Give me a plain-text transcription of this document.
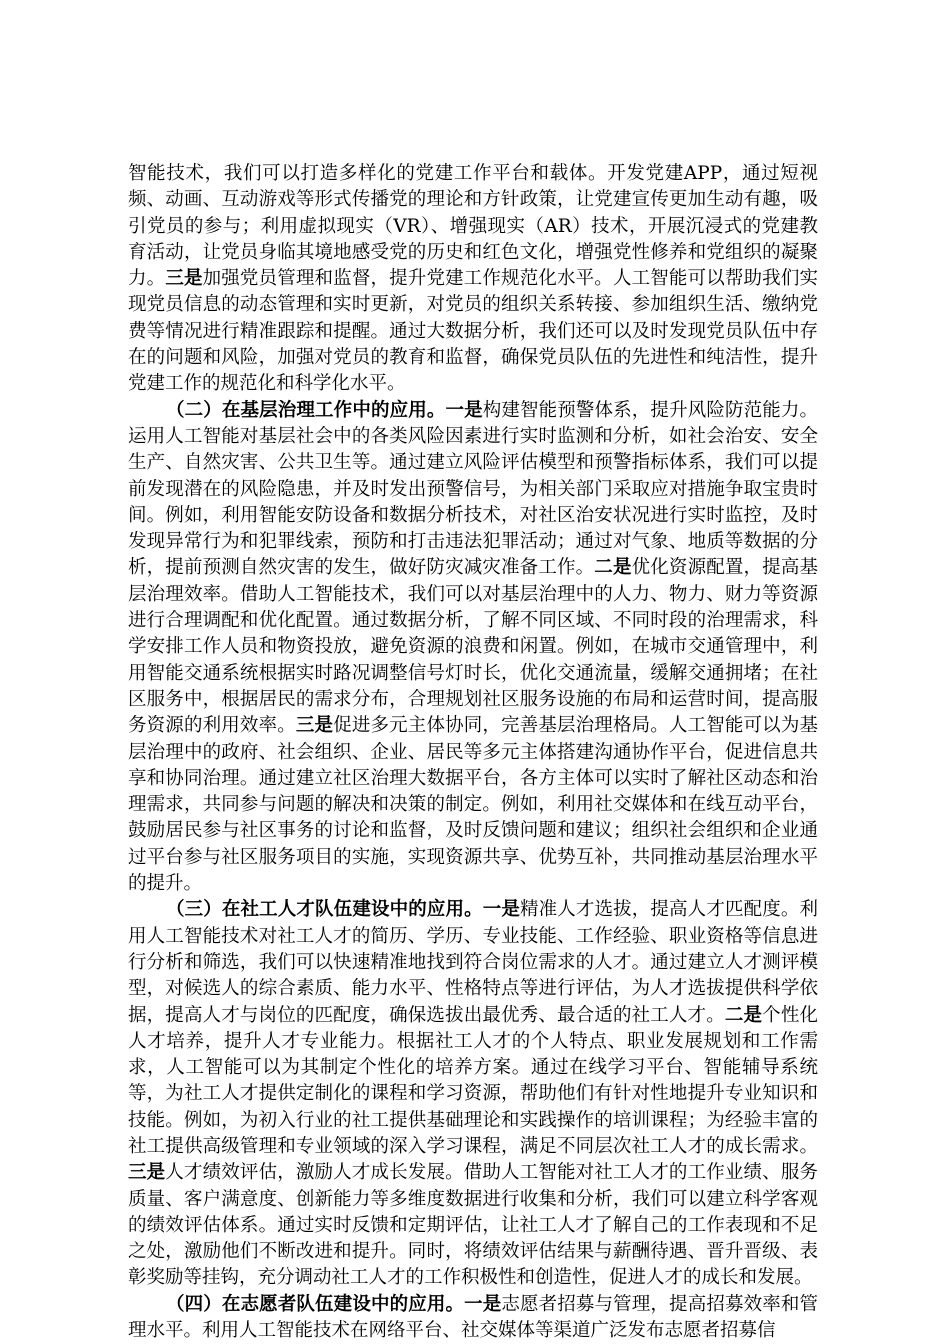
智能技术，我们可以打造多样化的党建工作平台和载体。开发党建APP，通过短视频、动画、互动游戏等形式传播党的理论和方针政策，让党建宣传更加生动有趣，吸引党员的参与；利用虚拟现实（VR）、增强现实（AR）技术，开展沉浸式的党建教育活动，让党员身临其境地感受党的历史和红色文化，增强党性修养和党组织的凝聚力。三是加强党员管理和监督，提升党建工作规范化水平。人工智能可以帮助我们实现党员信息的动态管理和实时更新，对党员的组织关系转接、参加组织生活、缴纳党费等情况进行精准跟踪和提醒。通过大数据分析，我们还可以及时发现党员队伍中存在的问题和风险，加强对党员的教育和监督，确保党员队伍的先进性和纯洁性，提升党建工作的规范化和科学化水平。

（二）在基层治理工作中的应用。一是构建智能预警体系，提升风险防范能力。运用人工智能对基层社会中的各类风险因素进行实时监测和分析，如社会治安、安全生产、自然灾害、公共卫生等。通过建立风险评估模型和预警指标体系，我们可以提前发现潜在的风险隐患，并及时发出预警信号，为相关部门采取应对措施争取宝贵时间。例如，利用智能安防设备和数据分析技术，对社区治安状况进行实时监控，及时发现异常行为和犯罪线索，预防和打击违法犯罪活动；通过对气象、地质等数据的分析，提前预测自然灾害的发生，做好防灾减灾准备工作。二是优化资源配置，提高基层治理效率。借助人工智能技术，我们可以对基层治理中的人力、物力、财力等资源进行合理调配和优化配置。通过数据分析，了解不同区域、不同时段的治理需求，科学安排工作人员和物资投放，避免资源的浪费和闲置。例如，在城市交通管理中，利用智能交通系统根据实时路况调整信号灯时长，优化交通流量，缓解交通拥堵；在社区服务中，根据居民的需求分布，合理规划社区服务设施的布局和运营时间，提高服务资源的利用效率。三是促进多元主体协同，完善基层治理格局。人工智能可以为基层治理中的政府、社会组织、企业、居民等多元主体搭建沟通协作平台，促进信息共享和协同治理。通过建立社区治理大数据平台，各方主体可以实时了解社区动态和治理需求，共同参与问题的解决和决策的制定。例如，利用社交媒体和在线互动平台，鼓励居民参与社区事务的讨论和监督，及时反馈问题和建议；组织社会组织和企业通过平台参与社区服务项目的实施，实现资源共享、优势互补，共同推动基层治理水平的提升。

（三）在社工人才队伍建设中的应用。一是精准人才选拔，提高人才匹配度。利用人工智能技术对社工人才的简历、学历、专业技能、工作经验、职业资格等信息进行分析和筛选，我们可以快速精准地找到符合岗位需求的人才。通过建立人才测评模型，对候选人的综合素质、能力水平、性格特点等进行评估，为人才选拔提供科学依据，提高人才与岗位的匹配度，确保选拔出最优秀、最合适的社工人才。二是个性化人才培养，提升人才专业能力。根据社工人才的个人特点、职业发展规划和工作需求，人工智能可以为其制定个性化的培养方案。通过在线学习平台、智能辅导系统等，为社工人才提供定制化的课程和学习资源，帮助他们有针对性地提升专业知识和技能。例如，为初入行业的社工提供基础理论和实践操作的培训课程；为经验丰富的社工提供高级管理和专业领域的深入学习课程，满足不同层次社工人才的成长需求。三是人才绩效评估，激励人才成长发展。借助人工智能对社工人才的工作业绩、服务质量、客户满意度、创新能力等多维度数据进行收集和分析，我们可以建立科学客观的绩效评估体系。通过实时反馈和定期评估，让社工人才了解自己的工作表现和不足之处，激励他们不断改进和提升。同时，将绩效评估结果与薪酬待遇、晋升晋级、表彰奖励等挂钩，充分调动社工人才的工作积极性和创造性，促进人才的成长和发展。

（四）在志愿者队伍建设中的应用。一是志愿者招募与管理，提高招募效率和管理水平。利用人工智能技术在网络平台、社交媒体等渠道广泛发布志愿者招募信
